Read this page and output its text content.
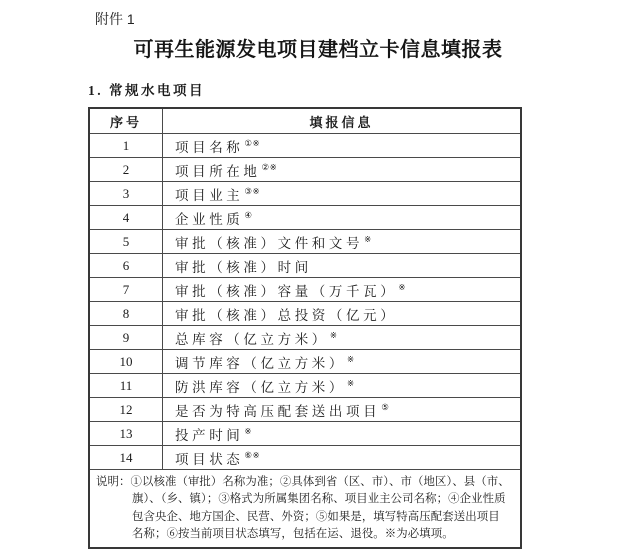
附件 1
可再生能源发电项目建档立卡信息填报表
1. 常规水电项目
序号	填报信息
1	项目名称①※
2	项目所在地②※
3	项目业主③※
4	企业性质④
5	审批（核准）文件和文号※
6	审批（核准）时间
7	审批（核准）容量（万千瓦）※
8	审批（核准）总投资（亿元）
9	总库容（亿立方米）※
10	调节库容（亿立方米）※
11	防洪库容（亿立方米）※
12	是否为特高压配套送出项目⑤
13	投产时间※
14	项目状态⑥※

说明：①以核准（审批）名称为准；②具体到省（区、市）、市（地区）、县（市、
旗）、（乡、镇）；③格式为所属集团名称、项目业主公司名称；④企业性质
包含央企、地方国企、民营、外资；⑤如果是，填写特高压配套送出项目
名称；⑥按当前项目状态填写，包括在运、退役。※为必填项。	
